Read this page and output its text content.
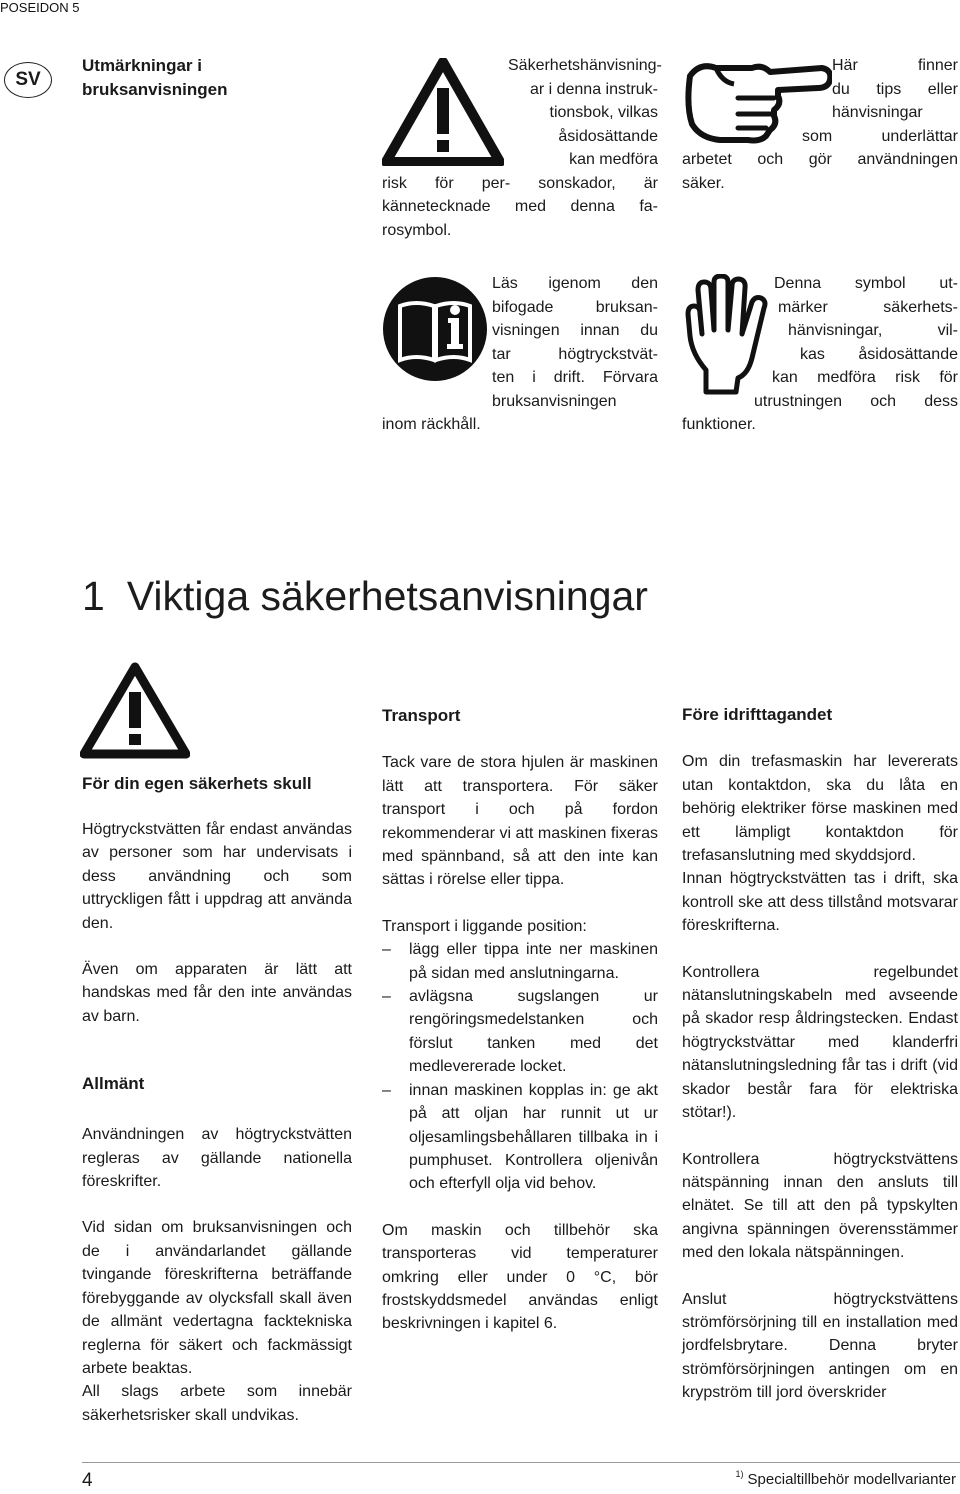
POSEIDON 5
SV
Utmärkningar i bruksanvisningen
Säkerhetshänvisning-
ar i denna instruk-
tionsbok, vilkas
åsidosättande
kan medföra
risk för per- sonskador, är
kännetecknade med denna fa-
rosymbol.
Här finner
du tips eller
hänvisningar
som underlättar
arbetet och gör användningen
säker.
Läs igenom den
bifogade bruksan-
visningen innan du
tar högtryckstvät-
ten i drift. Förvara
bruksanvisningen
inom räckhåll.
Denna symbol ut-
märker säkerhets-
hänvisningar, vil-
kas åsidosättande
kan medföra risk för
utrustningen och dess
funktioner.
1 Viktiga säkerhetsanvisningar

För din egen säkerhets skull

Högtryckstvätten får endast användas av personer som har undervisats i dess användning och som uttryckligen fått i uppdrag att använda den.

Även om apparaten är lätt att handskas med får den inte användas av barn.

Allmänt

Användningen av högtryckstvätten regleras av gällande nationella föreskrifter.

Vid sidan om bruksanvisningen och de i användarlandet gällande tvingande föreskrifterna beträffande förebyggande av olycksfall skall även de allmänt vedertagna facktekniska reglerna för säkert och fackmässigt arbete beaktas.

All slags arbete som innebär säkerhetsrisker skall undvikas.

Transport

Tack vare de stora hjulen är maskinen lätt att transportera. För säker transport i och på fordon rekommenderar vi att maskinen fixeras med spännband, så att den inte kan sättas i rörelse eller tippa.

Transport i liggande position:

– lägg eller tippa inte ner maskinen på sidan med anslutningarna.
– avlägsna sugslangen ur rengöringsmedelstanken och förslut tanken med det medlevererade locket.
– innan maskinen kopplas in: ge akt på att oljan har runnit ut ur oljesamlingsbehållaren tillbaka in i pumphuset. Kontrollera oljenivån och efterfyll olja vid behov.

Om maskin och tillbehör ska transporteras vid temperaturer omkring eller under 0 °C, bör frostskyddsmedel användas enligt beskrivningen i kapitel 6.

Före idrifttagandet

Om din trefasmaskin har levererats utan kontaktdon, ska du låta en behörig elektriker förse maskinen med ett lämpligt kontaktdon för trefasanslutning med skyddsjord.

Innan högtryckstvätten tas i drift, ska kontroll ske att dess tillstånd motsvarar föreskrifterna.

Kontrollera regelbundet nätanslutningskabeln med avseende på skador resp åldringstecken. Endast högtryckstvättar med klanderfri nätanslutningsledning får tas i drift (vid skador består fara för elektriska stötar!).

Kontrollera högtryckstvättens nätspänning innan den ansluts till elnätet. Se till att den på typskylten angivna spänningen överensstämmer med den lokala nätspänningen.

Anslut högtryckstvättens strömförsörjning till en installation med jordfelsbrytare. Denna bryter strömförsörjningen antingen om en krypström till jord överskrider

4	$^{1)}$ Specialtillbehör modellvarianter
